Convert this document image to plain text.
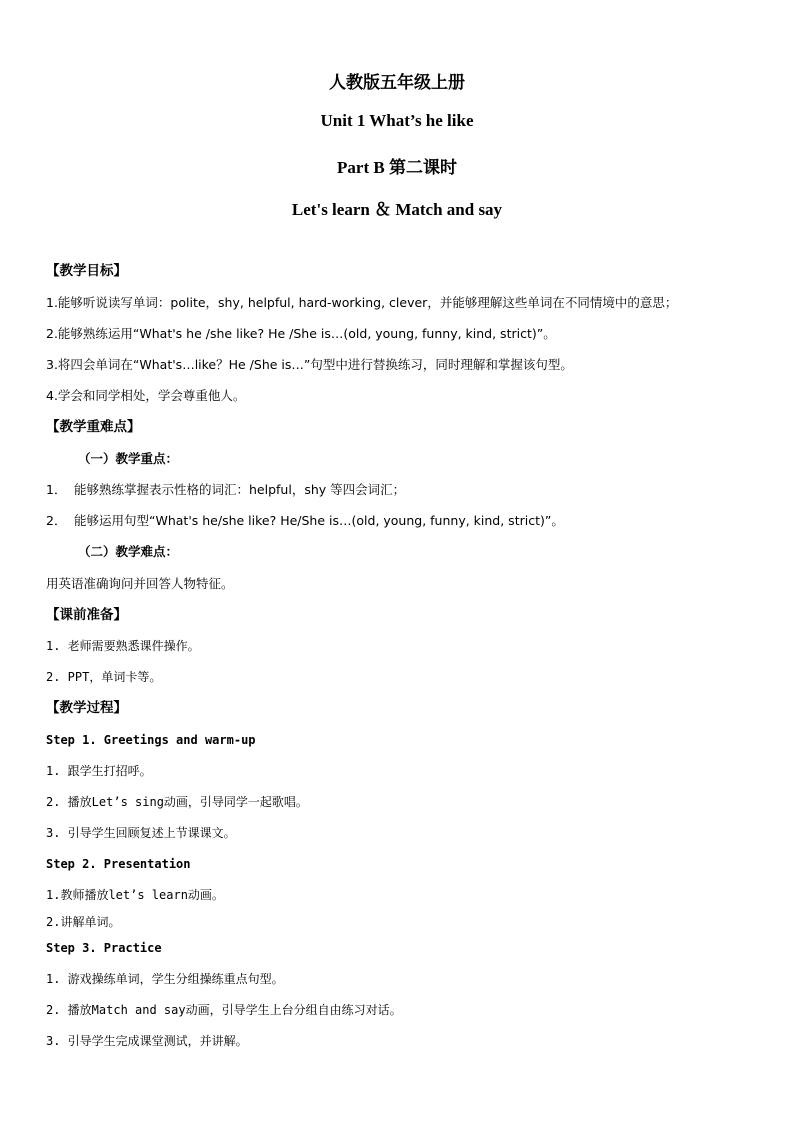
人教版五年级上册
Unit 1 What’s he like
Part B 第二课时
Let's learn ＆ Match and say
【教学目标】
1.能够听说读写单词：polite，shy, helpful, hard-working, clever，并能够理解这些单词在不同情境中的意思；
2.能够熟练运用“What's he /she like? He /She is…(old, young, funny, kind, strict)”。
3.将四会单词在“What's…like？He /She is…”句型中进行替换练习，同时理解和掌握该句型。
4.学会和同学相处，学会尊重他人。
【教学重难点】
（一）教学重点：
1． 能够熟练掌握表示性格的词汇：helpful，shy 等四会词汇；
2． 能够运用句型“What's he/she like? He/She is…(old, young, funny, kind, strict)”。
（二）教学难点：
用英语准确询问并回答人物特征。
【课前准备】
1. 老师需要熟悉课件操作。
2. PPT，单词卡等。
【教学过程】
Step 1. Greetings and warm-up
1. 跟学生打招呼。
2. 播放Let’s sing动画，引导同学一起歌唱。
3. 引导学生回顾复述上节课课文。
Step 2. Presentation
1.教师播放let’s learn动画。
2.讲解单词。
Step 3. Practice
1. 游戏操练单词，学生分组操练重点句型。
2. 播放Match and say动画，引导学生上台分组自由练习对话。
3. 引导学生完成课堂测试，并讲解。
